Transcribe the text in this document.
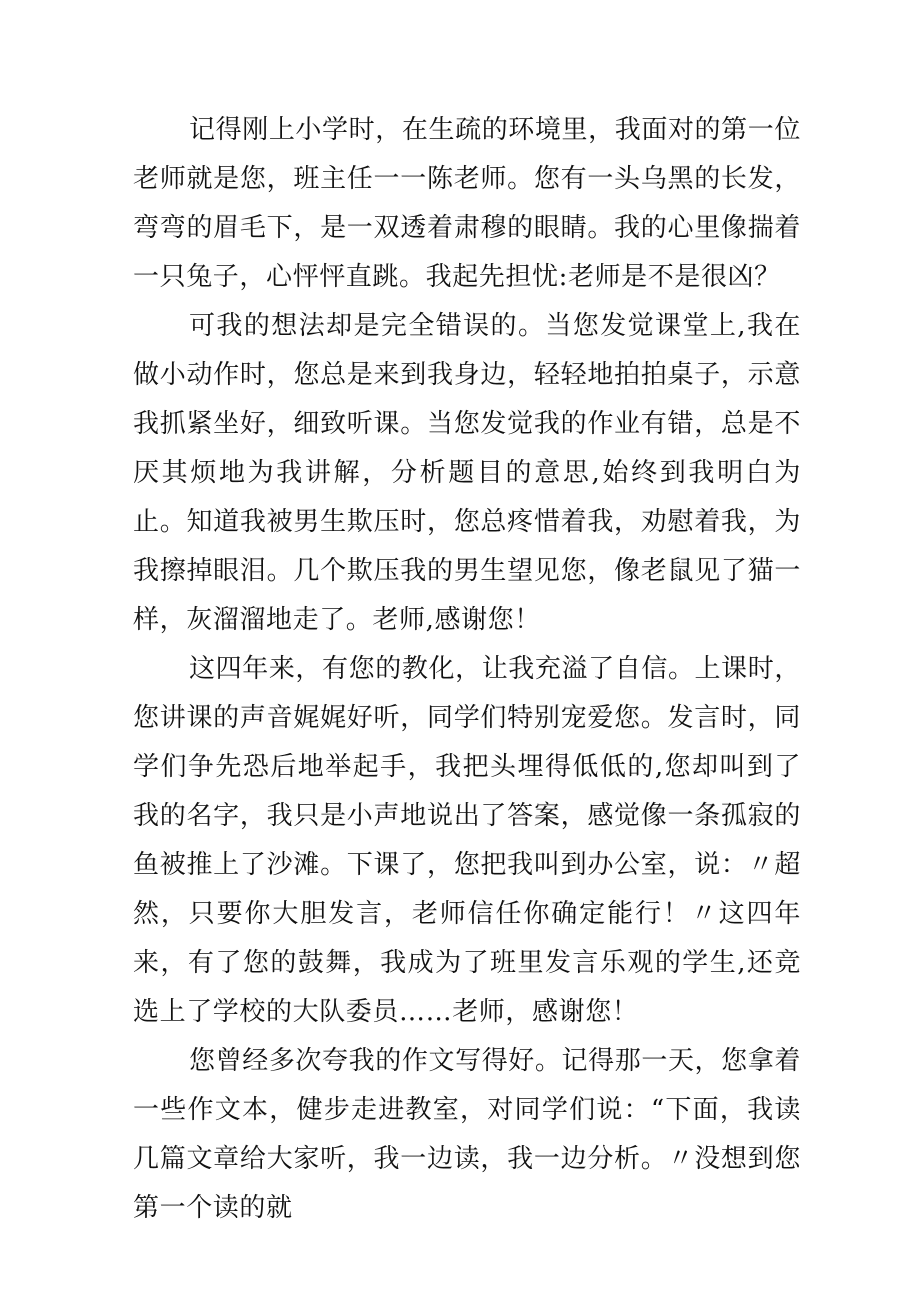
记得刚上小学时，在生疏的环境里，我面对的第一位老师就是您，班主任一一陈老师。您有一头乌黑的长发，弯弯的眉毛下，是一双透着肃穆的眼睛。我的心里像揣着一只兔子，心怦怦直跳。我起先担忧:老师是不是很凶？

可我的想法却是完全错误的。当您发觉课堂上,我在做小动作时，您总是来到我身边，轻轻地拍拍桌子，示意我抓紧坐好，细致听课。当您发觉我的作业有错，总是不厌其烦地为我讲解，分析题目的意思,始终到我明白为止。知道我被男生欺压时，您总疼惜着我，劝慰着我，为我擦掉眼泪。几个欺压我的男生望见您，像老鼠见了猫一样，灰溜溜地走了。老师,感谢您！

这四年来，有您的教化，让我充溢了自信。上课时，您讲课的声音娓娓好听，同学们特别宠爱您。发言时，同学们争先恐后地举起手，我把头埋得低低的,您却叫到了我的名字，我只是小声地说出了答案，感觉像一条孤寂的鱼被推上了沙滩。下课了，您把我叫到办公室，说：〃超然，只要你大胆发言，老师信任你确定能行！〃这四年来，有了您的鼓舞，我成为了班里发言乐观的学生,还竞选上了学校的大队委员……老师，感谢您！

您曾经多次夸我的作文写得好。记得那一天，您拿着一些作文本，健步走进教室，对同学们说：“下面，我读几篇文章给大家听，我一边读，我一边分析。〃没想到您第一个读的就
